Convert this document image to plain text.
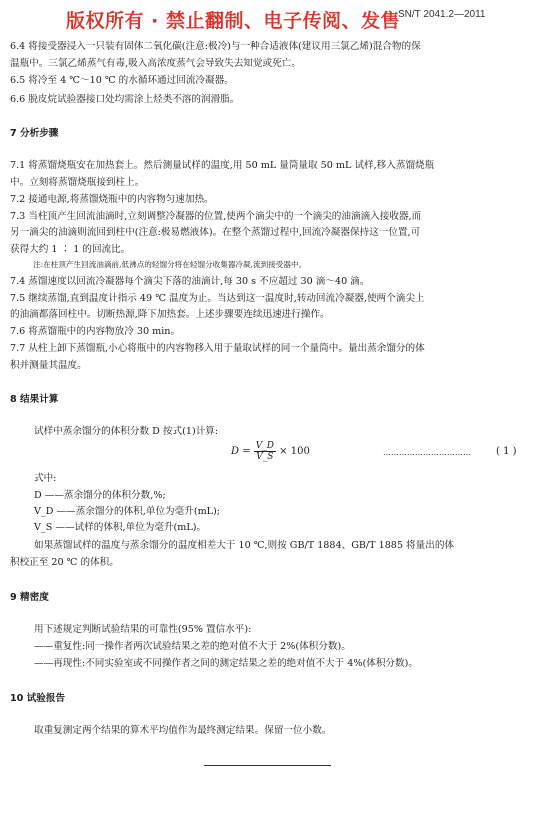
版权所有 · 禁止翻制、电子传阅、发售
SN/T 2041.2—2011
6.4 将接受器浸入一只装有固体二氧化碳(注意:极冷)与一种合适液体(建议用三氯乙烯)混合物的保
温瓶中。三氯乙烯蒸气有毒,吸入高浓度蒸气会导致失去知觉或死亡。
6.5 将冷至 4 ℃～10 ℃ 的水循环通过回流冷凝器。
6.6 脱皮烷试验器接口处均需涂上烃类不溶的润滑脂。
7 分析步骤
7.1 将蒸馏烧瓶安在加热套上。然后测量试样的温度,用 50 mL 量筒量取 50 mL 试样,移入蒸馏烧瓶
中。立刻将蒸馏烧瓶接到柱上。
7.2 接通电源,将蒸馏烧瓶中的内容物匀速加热。
7.3 当柱顶产生回流油滴时,立刻调整冷凝器的位置,使两个滴尖中的一个滴尖的油滴滴入接收器,而
另一滴尖的油滴则流回到柱中(注意:极易燃液体)。在整个蒸馏过程中,回流冷凝器保持这一位置,可
获得大约 1 ∶ 1 的回流比。
注:在柱顶产生回流油滴前,低沸点的轻馏分将在轻馏分收集器冷凝,流到接受器中。
7.4 蒸馏速度以回流冷凝器每个滴尖下落的油滴计,每 30 s 不应超过 30 滴～40 滴。
7.5 继续蒸馏,直到温度计指示 49 ℃ 温度为止。当达到这一温度时,转动回流冷凝器,使两个滴尖上
的油滴都落回柱中。切断热源,降下加热套。上述步骤要连续迅速进行操作。
7.6 将蒸馏瓶中的内容物放冷 30 min。
7.7 从柱上卸下蒸馏瓶,小心将瓶中的内容物移入用于量取试样的同一个量筒中。量出蒸余馏分的体
积并测量其温度。
8 结果计算
试样中蒸余馏分的体积分数 D 按式(1)计算:
$D = \frac{V\_D}{V\_S} \times 100$	……………………………	( 1 )
式中:
D ——蒸余馏分的体积分数,%;
V_D ——蒸余馏分的体积,单位为毫升(mL);
V_S ——试样的体积,单位为毫升(mL)。
如果蒸馏试样的温度与蒸余馏分的温度相差大于 10 ℃,则按 GB/T 1884、GB/T 1885 将量出的体
积校正至 20 ℃ 的体积。
9 精密度
用下述规定判断试验结果的可靠性(95% 置信水平):
——重复性:同一操作者两次试验结果之差的绝对值不大于 2%(体积分数)。
——再现性:不同实验室或不同操作者之间的测定结果之差的绝对值不大于 4%(体积分数)。
10 试验报告
取重复测定两个结果的算术平均值作为最终测定结果。保留一位小数。
